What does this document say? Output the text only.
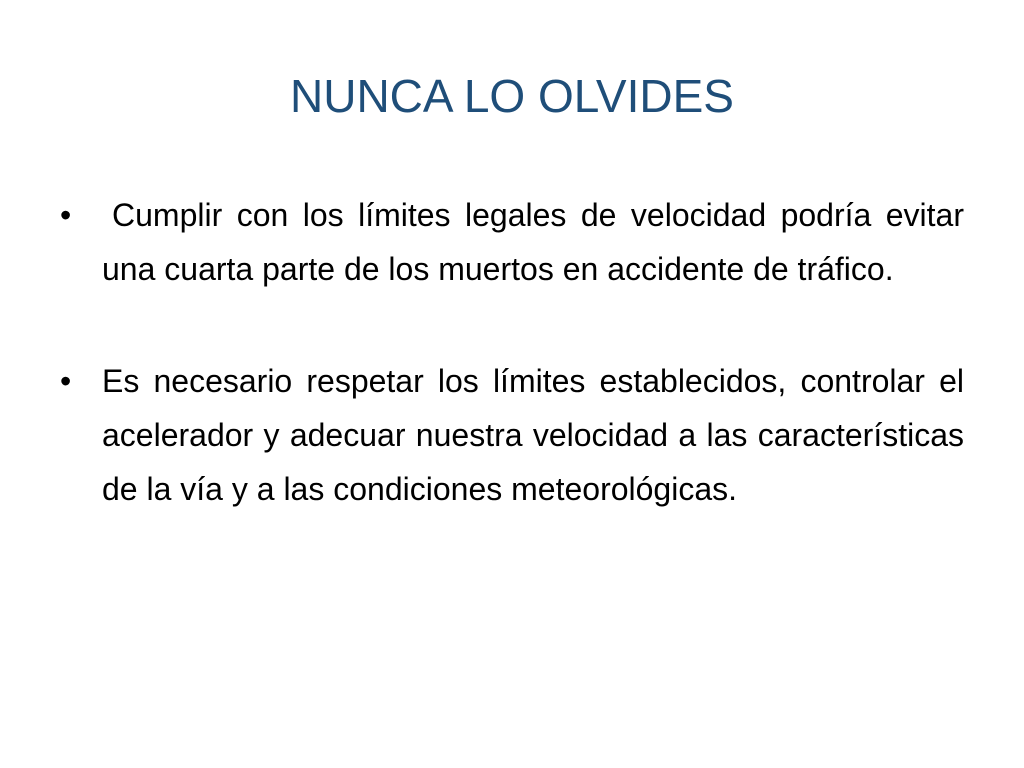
NUNCA LO OLVIDES
•	Cumplir con los límites legales de velocidad podría evitar una cuarta parte de los muertos en accidente de tráfico.

• Es necesario respetar los límites establecidos, controlar el acelerador y adecuar nuestra velocidad a las características de la vía y a las condiciones meteorológicas.
